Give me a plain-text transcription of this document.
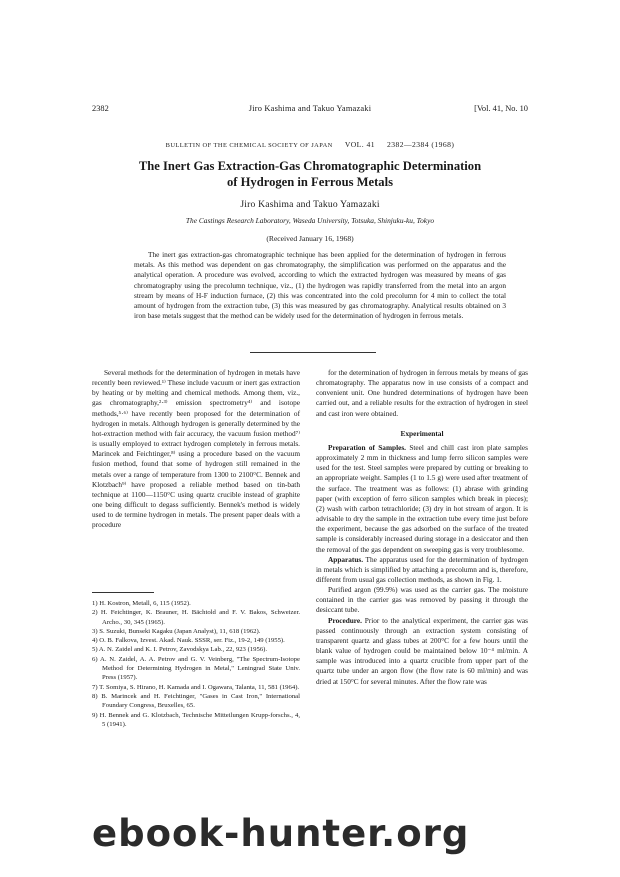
2382	Jiro Kashima and Takuo Yamazaki	[Vol. 41, No. 10
BULLETIN OF THE CHEMICAL SOCIETY OF JAPAN VOL. 41 2382—2384 (1968)
The Inert Gas Extraction-Gas Chromatographic Determination
of Hydrogen in Ferrous Metals
Jiro Kashima and Takuo Yamazaki
The Castings Research Laboratory, Waseda University, Totsuka, Shinjuku-ku, Tokyo
(Received January 16, 1968)
The inert gas extraction-gas chromatographic technique has been applied for the determination of hydrogen in ferrous metals. As this method was dependent on gas chromatography, the simplification was performed on the apparatus and the analytical operation. A procedure was evolved, according to which the extracted hydrogen was measured by means of gas chromatography using the precolumn technique, viz., (1) the hydrogen was rapidly transferred from the metal into an argon stream by means of H-F induction furnace, (2) this was concentrated into the cold precolumn for 4 min to collect the total amount of hydrogen from the extraction tube, (3) this was measured by gas chromatography. Analytical results obtained on 3 iron base metals suggest that the method can be widely used for the determination of hydrogen in ferrous metals.

Several methods for the determination of hydrogen in metals have recently been reviewed.¹⁾ These include vacuum or inert gas extraction by heating or by melting and chemical methods. Among them, viz., gas chromatography,²·³⁾ emission spectrometry⁴⁾ and isotope methods,⁵·⁶⁾ have recently been proposed for the determination of hydrogen in metals. Although hydrogen is generally determined by the hot-extraction method with fair accuracy, the vacuum fusion method⁷⁾ is usually employed to extract hydrogen completely in ferrous metals. Marincek and Feichtinger,⁸⁾ using a procedure based on the vacuum fusion method, found that some of hydrogen still remained in the metals over a range of temperature from 1300 to 2100°C. Bennek and Klotzbach⁹⁾ have proposed a reliable method based on tin-bath technique at 1100—1150°C using quartz crucible instead of graphite one being difficult to degass sufficiently. Bennek's method is widely used to de termine hydrogen in metals. The present paper deals with a procedure

1) H. Kostron, Metall, 6, 115 (1952).

2) H. Feichtinger, K. Brauner, H. Bächtold and F. V. Bakos, Schweizer. Archo., 30, 345 (1965).

3) S. Suzuki, Bunseki Kagaku (Japan Analyst), 11, 618 (1962).

4) O. B. Falkova, Izvest. Akad. Nauk. SSSR, ser. Fiz., 19-2, 149 (1955).

5) A. N. Zaidel and K. I. Petrov, Zavodskya Lab., 22, 923 (1956).

6) A. N. Zaidel, A. A. Petrov and G. V. Veinberg, "The Spectrum-Isotope Method for Determining Hydrogen in Metal," Leningrad State Univ. Press (1957).

7) T. Somiya, S. Hirano, H. Kamada and I. Ogawara, Talanta, 11, 581 (1964).

8) B. Marincek and H. Feichtinger, "Gases in Cast Iron," International Foundary Congress, Bruxelles, 65.

9) H. Bennek and G. Klotzbach, Technische Mitteilungen Krupp-forschs., 4, 5 (1941).

for the determination of hydrogen in ferrous metals by means of gas chromatography. The apparatus now in use consists of a compact and convenient unit. One hundred determinations of hydrogen have been carried out, and a reliable results for the extraction of hydrogen in steel and cast iron were obtained.

Experimental

Preparation of Samples. Steel and chill cast iron plate samples approximately 2 mm in thickness and lump ferro silicon samples were used for the test. Steel samples were prepared by cutting or breaking to an appropriate weight. Samples (1 to 1.5 g) were used after treatment of the surface. The treatment was as follows: (1) abrase with grinding paper (with exception of ferro silicon samples which break in pieces); (2) wash with carbon tetrachloride; (3) dry in hot stream of argon. It is advisable to dry the sample in the extraction tube every time just before the experiment, because the gas adsorbed on the surface of the treated sample is considerably increased during storage in a desiccator and then the removal of the gas dependent on sweeping gas is very troublesome.

Apparatus. The apparatus used for the determination of hydrogen in metals which is simplified by attaching a precolumn and is, therefore, different from usual gas collection methods, as shown in Fig. 1.

Purified argon (99.9%) was used as the carrier gas. The moisture contained in the carrier gas was removed by passing it through the desiccant tube.

Procedure. Prior to the analytical experiment, the carrier gas was passed continuously through an extraction system consisting of transparent quartz and glass tubes at 200°C for a few hours until the blank value of hydrogen could be maintained below 10⁻⁴ ml/min. A sample was introduced into a quartz crucible from upper part of the quartz tube under an argon flow (the flow rate is 60 ml/min) and was dried at 150°C for several minutes. After the flow rate was

ebook-hunter.org
